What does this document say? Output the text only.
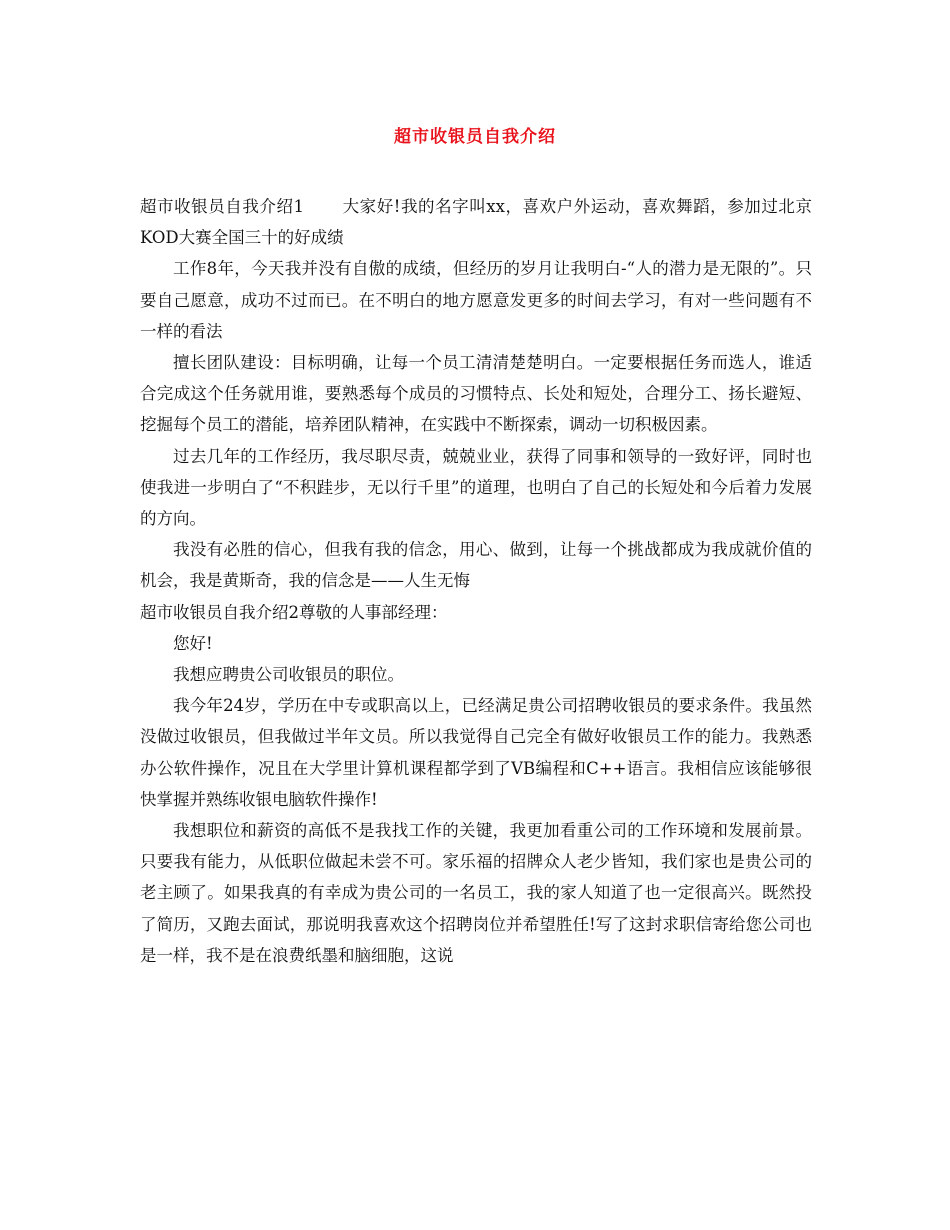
超市收银员自我介绍

超市收银员自我介绍1 大家好!我的名字叫xx，喜欢户外运动，喜欢舞蹈，参加过北京KOD大赛全国三十的好成绩

工作8年，今天我并没有自傲的成绩，但经历的岁月让我明白-“人的潜力是无限的”。只要自己愿意，成功不过而已。在不明白的地方愿意发更多的时间去学习，有对一些问题有不一样的看法

擅长团队建设：目标明确，让每一个员工清清楚楚明白。一定要根据任务而选人，谁适合完成这个任务就用谁，要熟悉每个成员的习惯特点、长处和短处，合理分工、扬长避短、挖掘每个员工的潜能，培养团队精神，在实践中不断探索，调动一切积极因素。

过去几年的工作经历，我尽职尽责，兢兢业业，获得了同事和领导的一致好评，同时也使我进一步明白了“不积跬步，无以行千里”的道理，也明白了自己的长短处和今后着力发展的方向。

我没有必胜的信心，但我有我的信念，用心、做到，让每一个挑战都成为我成就价值的机会，我是黄斯奇，我的信念是——人生无悔

超市收银员自我介绍2尊敬的人事部经理：

您好!

我想应聘贵公司收银员的职位。

我今年24岁，学历在中专或职高以上，已经满足贵公司招聘收银员的要求条件。我虽然没做过收银员，但我做过半年文员。所以我觉得自己完全有做好收银员工作的能力。我熟悉办公软件操作，况且在大学里计算机课程都学到了VB编程和C++语言。我相信应该能够很快掌握并熟练收银电脑软件操作!

我想职位和薪资的高低不是我找工作的关键，我更加看重公司的工作环境和发展前景。只要我有能力，从低职位做起未尝不可。家乐福的招牌众人老少皆知，我们家也是贵公司的老主顾了。如果我真的有幸成为贵公司的一名员工，我的家人知道了也一定很高兴。既然投了简历，又跑去面试，那说明我喜欢这个招聘岗位并希望胜任!写了这封求职信寄给您公司也是一样，我不是在浪费纸墨和脑细胞，这说
